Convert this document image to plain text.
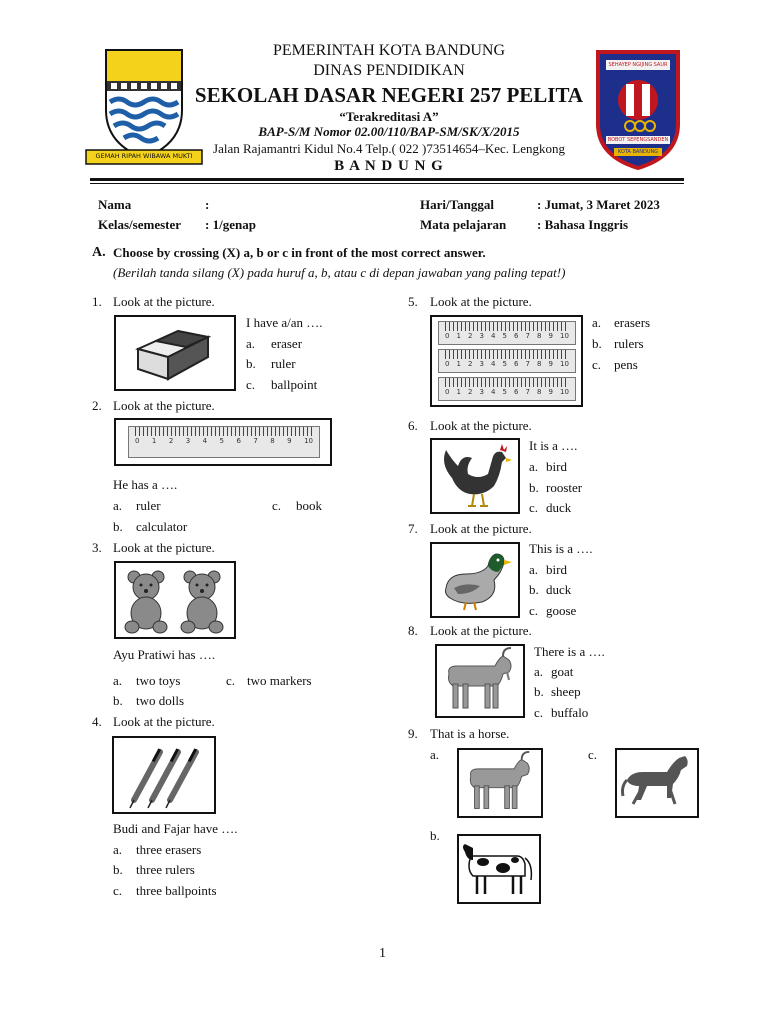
GEMAH RIPAH WIBAWA MUKTI
SEHAYEP NGIJING SAUR
BOBOT SEPENGSANDEN
KOTA BANDUNG
PEMERINTAH KOTA BANDUNG
DINAS PENDIDIKAN
SEKOLAH DASAR NEGERI 257 PELITA
“Terakreditasi A”
BAP-S/M Nomor 02.00/110/BAP-SM/SK/X/2015
Jalan Rajamantri Kidul No.4 Telp.( 022 )73514654–Kec. Lengkong
B A N D U N G
Nama	:
Kelas/semester : 1/genap
Hari/Tanggal	: Jumat, 3 Maret 2023
Mata pelajaran : Bahasa Inggris
A. Choose by crossing (X) a, b or c in front of the most correct answer.
(Berilah tanda silang (X) pada huruf a, b, atau c di depan jawaban yang paling tepat!)
1. Look at the picture.
I have a/an ….
a. eraser
b. ruler
c. ballpoint
2. Look at the picture.
0 1 2 3 4 5 6 7 8 9 10
He has a ….
a. ruler
b. calculator
c. book
3. Look at the picture.
Ayu Pratiwi has ….
a. two toys
b. two dolls
c. two markers
4. Look at the picture.
Budi and Fajar have ….
a. three erasers
b. three rulers
c. three ballpoints
5. Look at the picture.
0 1 2 3 4 5 6 7 8 9 10
0 1 2 3 4 5 6 7 8 9 10
0 1 2 3 4 5 6 7 8 9 10
a. erasers
b. rulers
c. pens
6. Look at the picture.
It is a ….
a. bird
b. rooster
c. duck
7. Look at the picture.
This is a ….
a. bird
b. duck
c. goose
8. Look at the picture.
There is a ….
a. goat
b. sheep
c. buffalo
9. That is a horse.
a.	c.
b.
1
